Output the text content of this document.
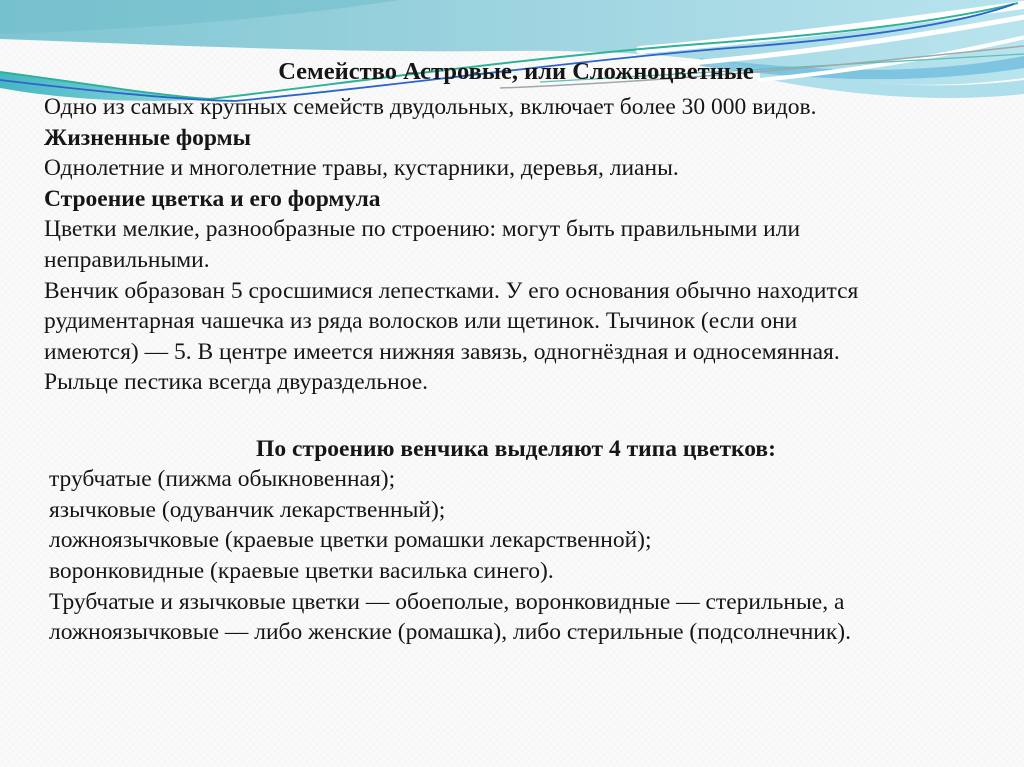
Семейство Астровые, или Сложноцветные
Одно из самых крупных семейств двудольных, включает более 30 000 видов.
Жизненные формы
Однолетние и многолетние травы, кустарники, деревья, лианы.
Строение цветка и его формула
Цветки мелкие, разнообразные по строению: могут быть правильными или
неправильными.
Венчик образован 5 сросшимися лепестками. У его основания обычно находится
рудиментарная чашечка из ряда волосков или щетинок. Тычинок (если они
имеются) — 5. В центре имеется нижняя завязь, одногнёздная и односемянная.
Рыльце пестика всегда двураздельное.
По строению венчика выделяют 4 типа цветков:
трубчатые (пижма обыкновенная);
язычковые (одуванчик лекарственный);
ложноязычковые (краевые цветки ромашки лекарственной);
воронковидные (краевые цветки василька синего).
Трубчатые и язычковые цветки — обоеполые, воронковидные — стерильные, а
ложноязычковые — либо женские (ромашка), либо стерильные (подсолнечник).
